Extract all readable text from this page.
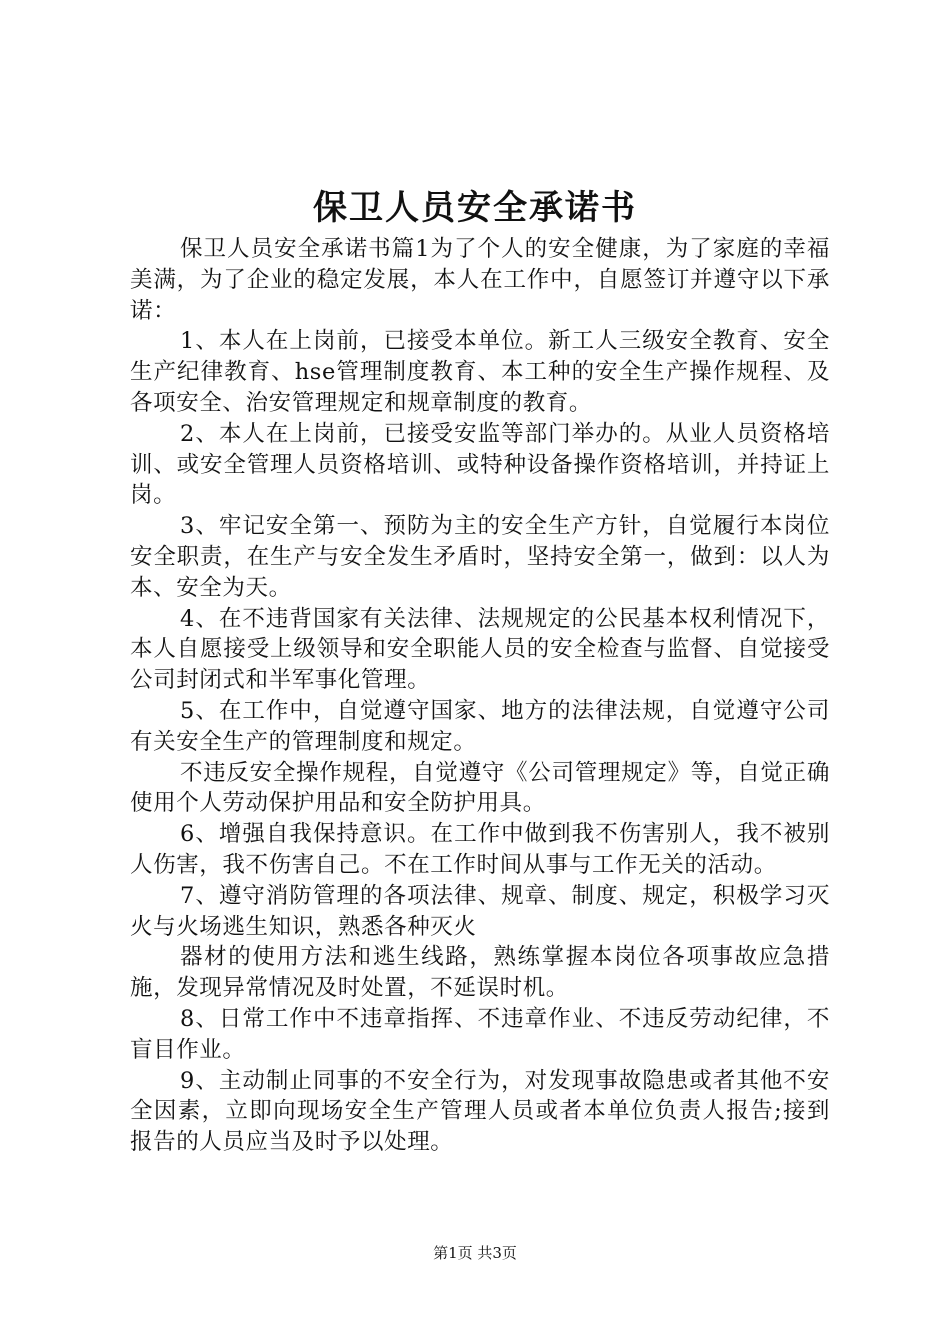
保卫人员安全承诺书

保卫人员安全承诺书篇1为了个人的安全健康，为了家庭的幸福美满，为了企业的稳定发展，本人在工作中，自愿签订并遵守以下承诺：

1、本人在上岗前，已接受本单位。新工人三级安全教育、安全生产纪律教育、hse管理制度教育、本工种的安全生产操作规程、及各项安全、治安管理规定和规章制度的教育。

2、本人在上岗前，已接受安监等部门举办的。从业人员资格培训、或安全管理人员资格培训、或特种设备操作资格培训，并持证上岗。

3、牢记安全第一、预防为主的安全生产方针，自觉履行本岗位安全职责，在生产与安全发生矛盾时，坚持安全第一，做到：以人为本、安全为天。

4、在不违背国家有关法律、法规规定的公民基本权利情况下，本人自愿接受上级领导和安全职能人员的安全检查与监督、自觉接受公司封闭式和半军事化管理。

5、在工作中，自觉遵守国家、地方的法律法规，自觉遵守公司有关安全生产的管理制度和规定。

不违反安全操作规程，自觉遵守《公司管理规定》等，自觉正确使用个人劳动保护用品和安全防护用具。

6、增强自我保持意识。在工作中做到我不伤害别人，我不被别人伤害，我不伤害自己。不在工作时间从事与工作无关的活动。

7、遵守消防管理的各项法律、规章、制度、规定，积极学习灭火与火场逃生知识，熟悉各种灭火

器材的使用方法和逃生线路，熟练掌握本岗位各项事故应急措施，发现异常情况及时处置，不延误时机。

8、日常工作中不违章指挥、不违章作业、不违反劳动纪律，不盲目作业。

9、主动制止同事的不安全行为，对发现事故隐患或者其他不安全因素，立即向现场安全生产管理人员或者本单位负责人报告;接到报告的人员应当及时予以处理。

第1页 共3页
